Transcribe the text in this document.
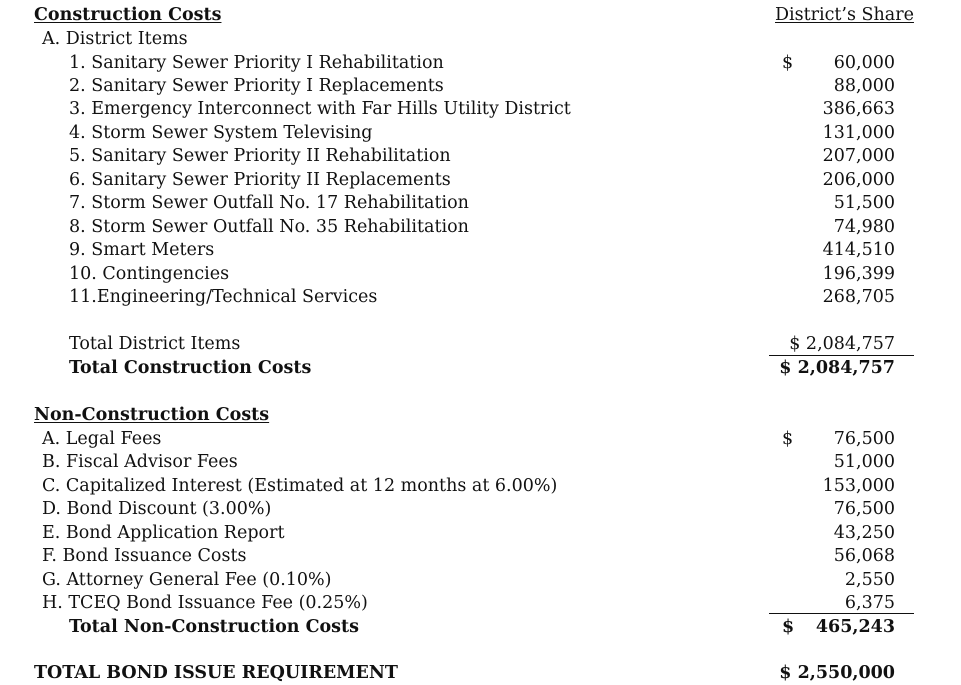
Construction Costs	District’s Share
A. District Items
1. Sanitary Sewer Priority I Rehabilitation	$ 60,000
2. Sanitary Sewer Priority I Replacements	88,000
3. Emergency Interconnect with Far Hills Utility District	386,663
4. Storm Sewer System Televising	131,000
5. Sanitary Sewer Priority II Rehabilitation	207,000
6. Sanitary Sewer Priority II Replacements	206,000
7. Storm Sewer Outfall No. 17 Rehabilitation	51,500
8. Storm Sewer Outfall No. 35 Rehabilitation	74,980
9. Smart Meters	414,510
10. Contingencies	196,399
11.Engineering/Technical Services	268,705
Total District Items	$ 2,084,757
Total Construction Costs	$ 2,084,757
Non-Construction Costs
A. Legal Fees	$ 76,500
B. Fiscal Advisor Fees	51,000
C. Capitalized Interest (Estimated at 12 months at 6.00%)	153,000
D. Bond Discount (3.00%)	76,500
E. Bond Application Report	43,250
F. Bond Issuance Costs	56,068
G. Attorney General Fee (0.10%)	2,550
H. TCEQ Bond Issuance Fee (0.25%)	6,375
Total Non-Construction Costs	$ 465,243
TOTAL BOND ISSUE REQUIREMENT	$ 2,550,000
